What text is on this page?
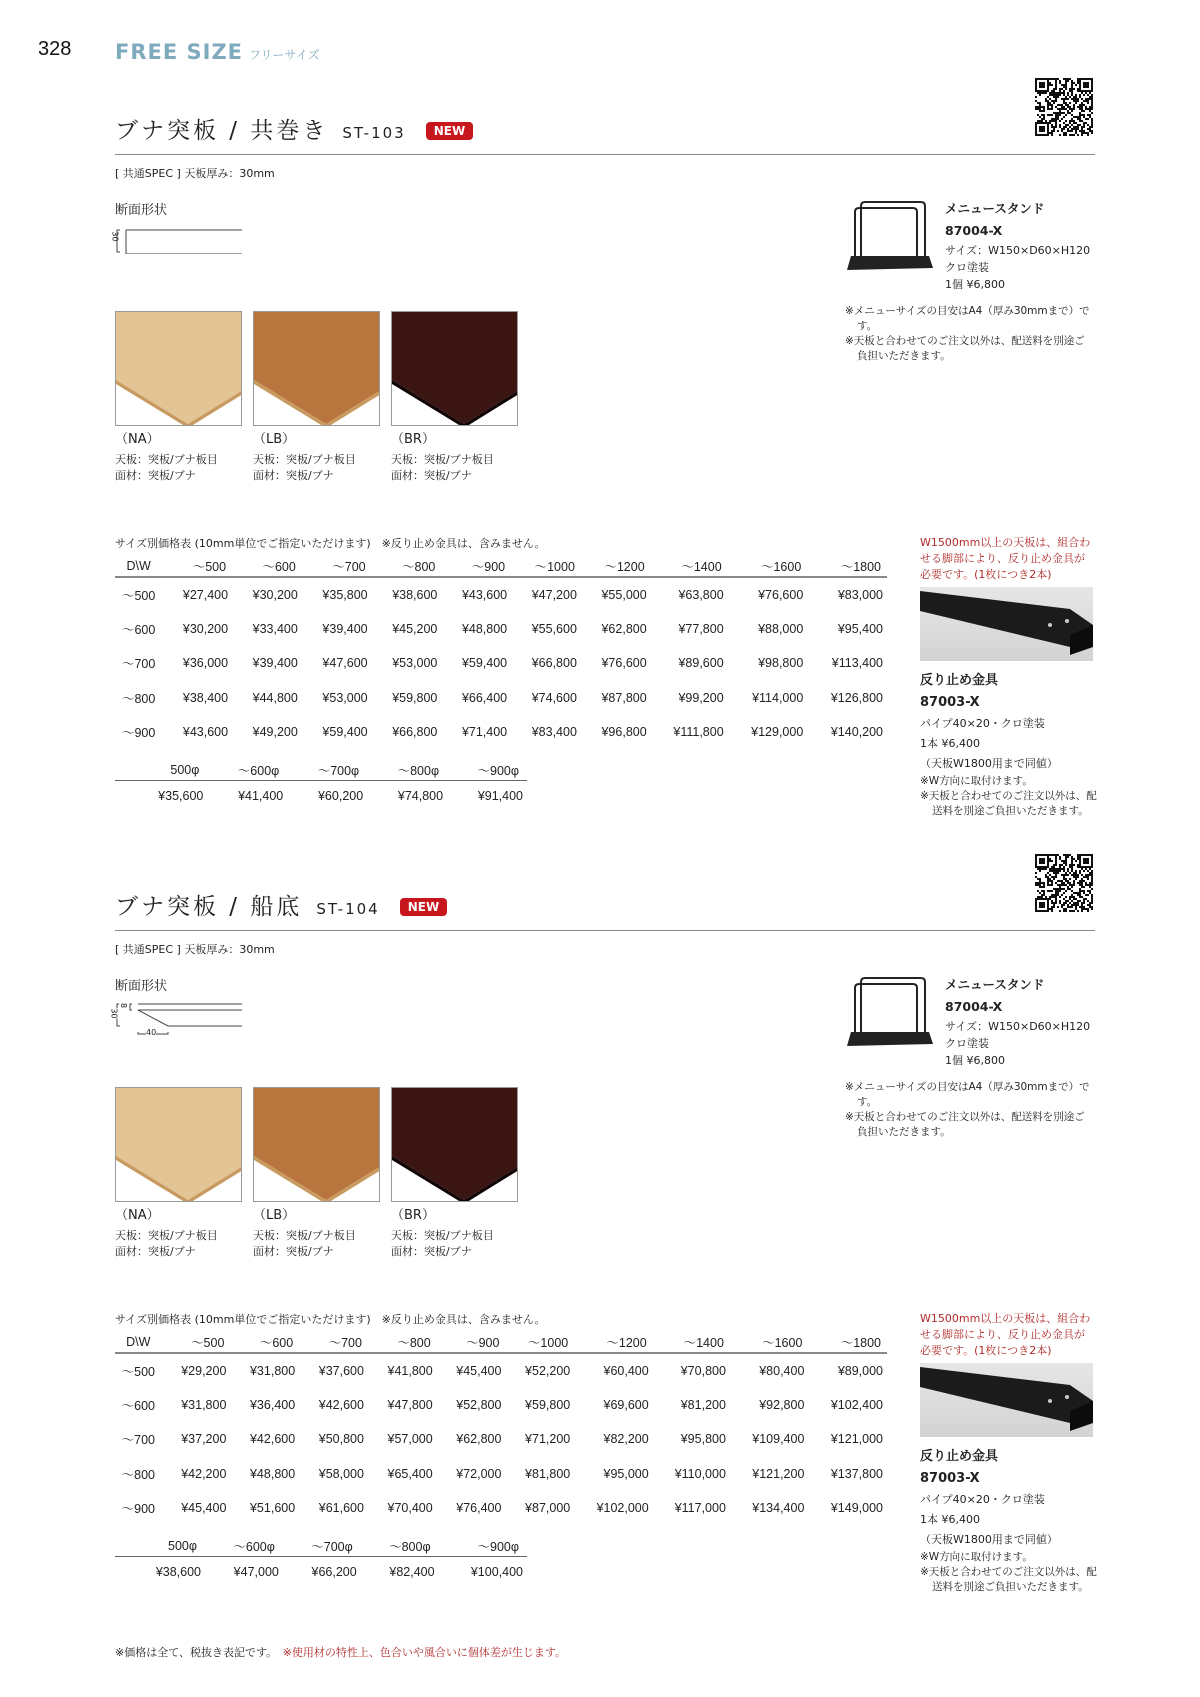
328 FREE SIZE フリーサイズ
ブナ突板 / 共巻き ST-103 NEW
[ 共通SPEC ] 天板厚み：30mm
断面形状
30
（NA）
天板：突板/ブナ板目
面材：突板/ブナ
（LB）
天板：突板/ブナ板目
面材：突板/ブナ
（BR）
天板：突板/ブナ板目
面材：突板/ブナ
サイズ別価格表 (10mm単位でご指定いただけます)　※反り止め金具は、含みません。
D\W	～500	～600	～700	～800	～900	～1000	～1200	～1400	～1600	～1800
～500	¥27,400	¥30,200	¥35,800	¥38,600	¥43,600	¥47,200	¥55,000	¥63,800	¥76,600	¥83,000
～600	¥30,200	¥33,400	¥39,400	¥45,200	¥48,800	¥55,600	¥62,800	¥77,800	¥88,000	¥95,400
～700	¥36,000	¥39,400	¥47,600	¥53,000	¥59,400	¥66,800	¥76,600	¥89,600	¥98,800	¥113,400
～800	¥38,400	¥44,800	¥53,000	¥59,800	¥66,400	¥74,600	¥87,800	¥99,200	¥114,000	¥126,800
～900	¥43,600	¥49,200	¥59,400	¥66,800	¥71,400	¥83,400	¥96,800	¥111,800	¥129,000	¥140,200
	500φ	～600φ	～700φ	～800φ	～900φ
	¥35,600	¥41,400	¥60,200	¥74,800	¥91,400
メニュースタンド
87004-X
サイズ：W150×D60×H120
クロ塗装
1個 ¥6,800
※メニューサイズの目安はA4（厚み30mmまで）です。
※天板と合わせてのご注文以外は、配送料を別途ご負担いただきます。
W1500mm以上の天板は、組合わせる脚部により、反り止め金具が必要です。(1枚につき2本)
反り止め金具
87003-X
パイプ40×20・クロ塗装
1本 ¥6,400
（天板W1800用まで同値）
※W方向に取付けます。
※天板と合わせてのご注文以外は、配送料を別途ご負担いただきます。
ブナ突板 / 船底 ST-104 NEW
[ 共通SPEC ] 天板厚み：30mm
断面形状
30
8
40
（NA）
天板：突板/ブナ板目
面材：突板/ブナ
（LB）
天板：突板/ブナ板目
面材：突板/ブナ
（BR）
天板：突板/ブナ板目
面材：突板/ブナ
サイズ別価格表 (10mm単位でご指定いただけます)　※反り止め金具は、含みません。
D\W	～500	～600	～700	～800	～900	～1000	～1200	～1400	～1600	～1800
～500	¥29,200	¥31,800	¥37,600	¥41,800	¥45,400	¥52,200	¥60,400	¥70,800	¥80,400	¥89,000
～600	¥31,800	¥36,400	¥42,600	¥47,800	¥52,800	¥59,800	¥69,600	¥81,200	¥92,800	¥102,400
～700	¥37,200	¥42,600	¥50,800	¥57,000	¥62,800	¥71,200	¥82,200	¥95,800	¥109,400	¥121,000
～800	¥42,200	¥48,800	¥58,000	¥65,400	¥72,000	¥81,800	¥95,000	¥110,000	¥121,200	¥137,800
～900	¥45,400	¥51,600	¥61,600	¥70,400	¥76,400	¥87,000	¥102,000	¥117,000	¥134,400	¥149,000
	500φ	～600φ	～700φ	～800φ	～900φ
	¥38,600	¥47,000	¥66,200	¥82,400	¥100,400
メニュースタンド
87004-X
サイズ：W150×D60×H120
クロ塗装
1個 ¥6,800
※メニューサイズの目安はA4（厚み30mmまで）です。
※天板と合わせてのご注文以外は、配送料を別途ご負担いただきます。
W1500mm以上の天板は、組合わせる脚部により、反り止め金具が必要です。(1枚につき2本)
反り止め金具
87003-X
パイプ40×20・クロ塗装
1本 ¥6,400
（天板W1800用まで同値）
※W方向に取付けます。
※天板と合わせてのご注文以外は、配送料を別途ご負担いただきます。
※価格は全て、税抜き表記です。　 ※使用材の特性上、色合いや風合いに個体差が生じます。
